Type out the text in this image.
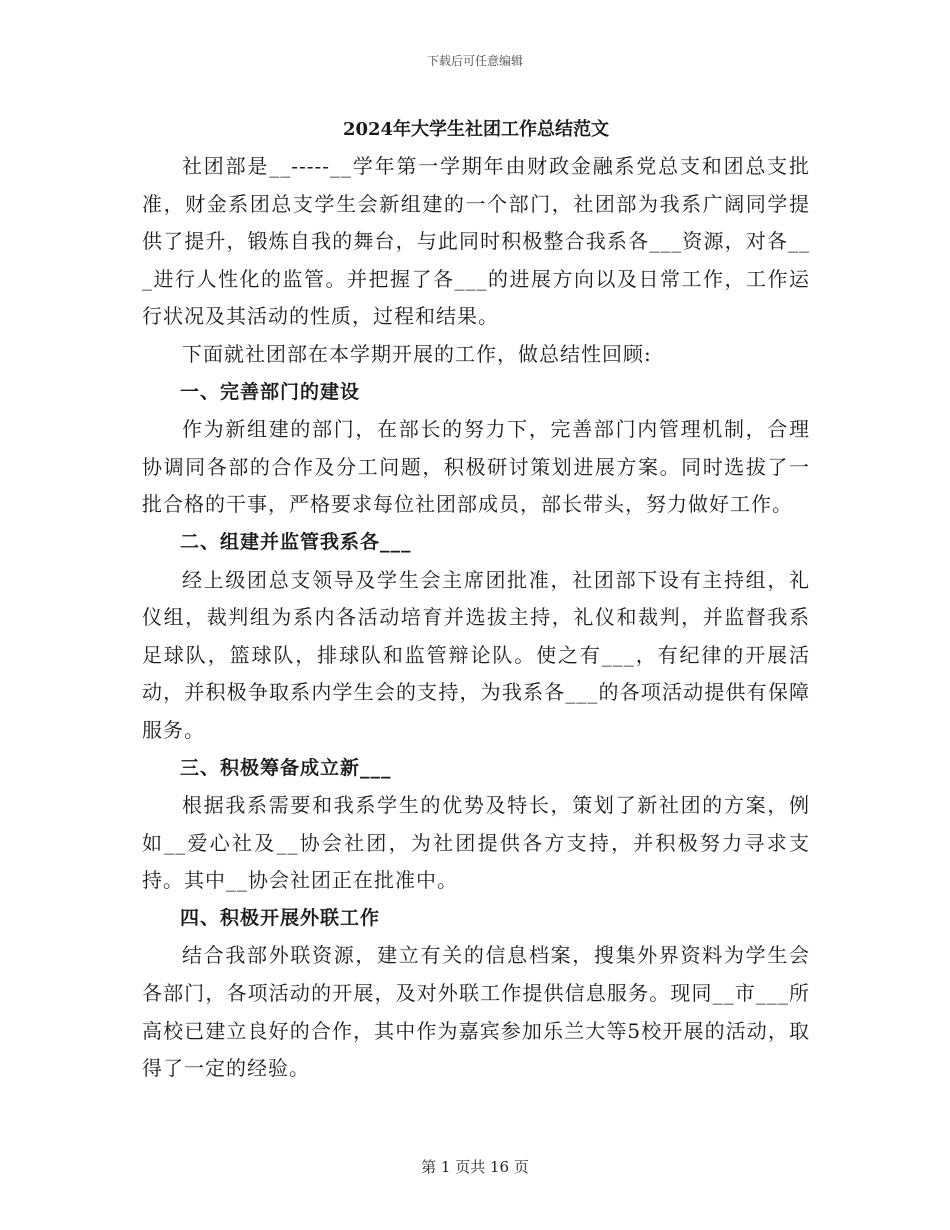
下载后可任意编辑
2024年大学生社团工作总结范文

社团部是__-----__学年第一学期年由财政金融系党总支和团总支批准，财金系团总支学生会新组建的一个部门，社团部为我系广阔同学提供了提升，锻炼自我的舞台，与此同时积极整合我系各___资源，对各___进行人性化的监管。并把握了各___的进展方向以及日常工作，工作运行状况及其活动的性质，过程和结果。

下面就社团部在本学期开展的工作，做总结性回顾:

一、完善部门的建设

作为新组建的部门，在部长的努力下，完善部门内管理机制，合理协调同各部的合作及分工问题，积极研讨策划进展方案。同时选拔了一批合格的干事，严格要求每位社团部成员，部长带头，努力做好工作。

二、组建并监管我系各___

经上级团总支领导及学生会主席团批准，社团部下设有主持组，礼仪组，裁判组为系内各活动培育并选拔主持，礼仪和裁判，并监督我系足球队，篮球队，排球队和监管辩论队。使之有___，有纪律的开展活动，并积极争取系内学生会的支持，为我系各___的各项活动提供有保障服务。

三、积极筹备成立新___

根据我系需要和我系学生的优势及特长，策划了新社团的方案，例如__爱心社及__协会社团，为社团提供各方支持，并积极努力寻求支持。其中__协会社团正在批准中。

四、积极开展外联工作

结合我部外联资源，建立有关的信息档案，搜集外界资料为学生会各部门，各项活动的开展，及对外联工作提供信息服务。现同__市___所高校已建立良好的合作，其中作为嘉宾参加乐兰大等5校开展的活动，取得了一定的经验。

第 1 页共 16 页
